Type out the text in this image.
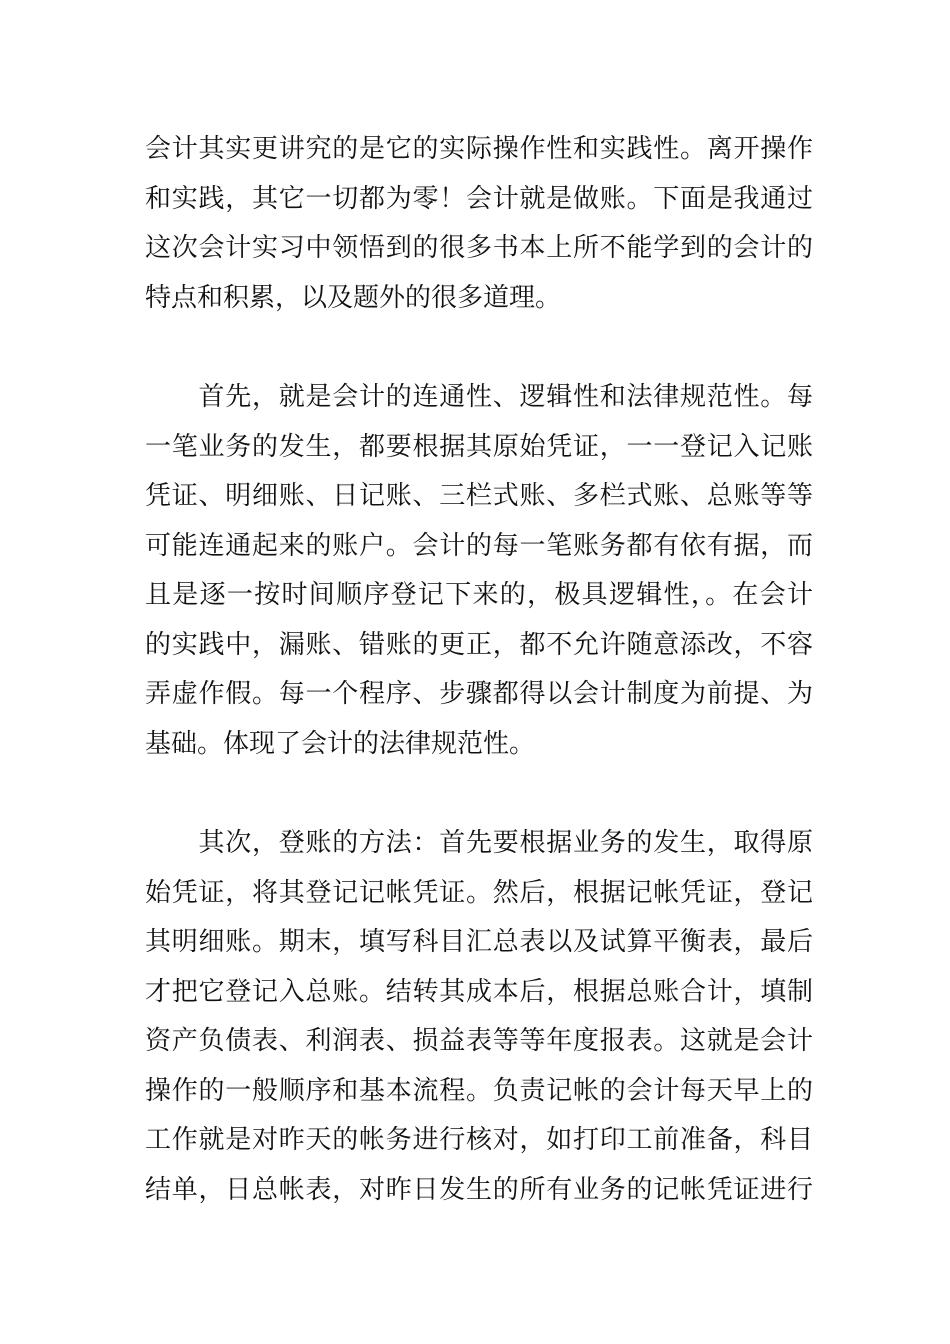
会计其实更讲究的是它的实际操作性和实践性。离开操作
和实践，其它一切都为零！会计就是做账。下面是我通过
这次会计实习中领悟到的很多书本上所不能学到的会计的
特点和积累，以及题外的很多道理。
　　首先，就是会计的连通性、逻辑性和法律规范性。每
一笔业务的发生，都要根据其原始凭证，一一登记入记账
凭证、明细账、日记账、三栏式账、多栏式账、总账等等
可能连通起来的账户。会计的每一笔账务都有依有据，而
且是逐一按时间顺序登记下来的，极具逻辑性，。在会计
的实践中，漏账、错账的更正，都不允许随意添改，不容
弄虚作假。每一个程序、步骤都得以会计制度为前提、为
基础。体现了会计的法律规范性。
　　其次，登账的方法：首先要根据业务的发生，取得原
始凭证，将其登记记帐凭证。然后，根据记帐凭证，登记
其明细账。期末，填写科目汇总表以及试算平衡表，最后
才把它登记入总账。结转其成本后，根据总账合计，填制
资产负债表、利润表、损益表等等年度报表。这就是会计
操作的一般顺序和基本流程。负责记帐的会计每天早上的
工作就是对昨天的帐务进行核对，如打印工前准备，科目
结单，日总帐表，对昨日发生的所有业务的记帐凭证进行
